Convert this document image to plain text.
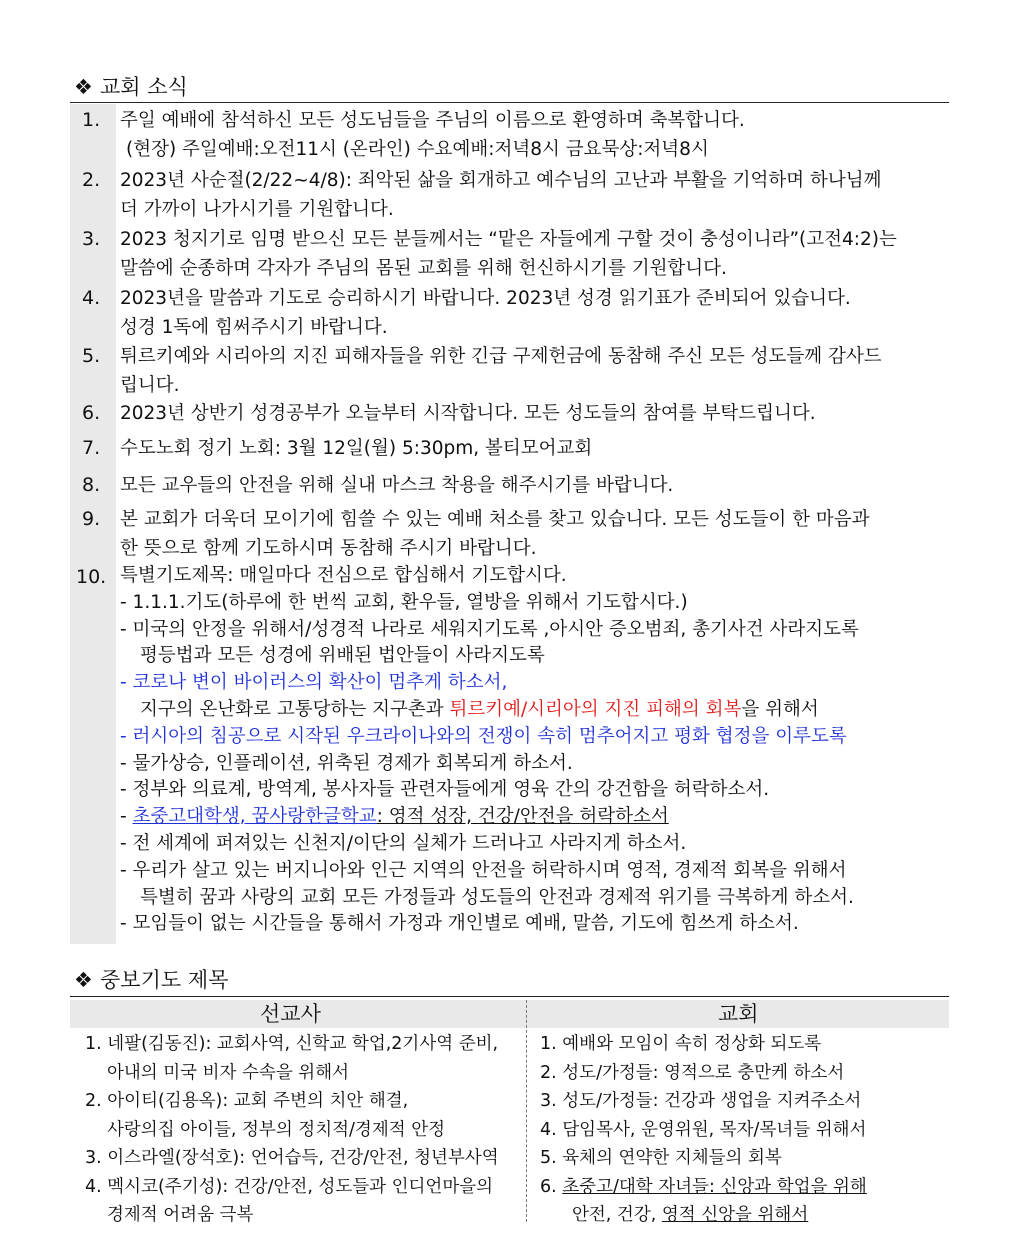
❖ 교회 소식
1. 주일 예배에 참석하신 모든 성도님들을 주님의 이름으로 환영하며 축복합니다.
(현장) 주일예배:오전11시 (온라인) 수요예배:저녁8시 금요묵상:저녁8시
2. 2023년 사순절(2/22~4/8): 죄악된 삶을 회개하고 예수님의 고난과 부활을 기억하며 하나님께
더 가까이 나가시기를 기원합니다.
3. 2023 청지기로 임명 받으신 모든 분들께서는 “맡은 자들에게 구할 것이 충성이니라”(고전4:2)는
말씀에 순종하며 각자가 주님의 몸된 교회를 위해 헌신하시기를 기원합니다.
4. 2023년을 말씀과 기도로 승리하시기 바랍니다. 2023년 성경 읽기표가 준비되어 있습니다.
성경 1독에 힘써주시기 바랍니다.
5. 튀르키예와 시리아의 지진 피해자들을 위한 긴급 구제헌금에 동참해 주신 모든 성도들께 감사드
립니다.
6. 2023년 상반기 성경공부가 오늘부터 시작합니다. 모든 성도들의 참여를 부탁드립니다.
7. 수도노회 정기 노회: 3월 12일(월) 5:30pm, 볼티모어교회
8. 모든 교우들의 안전을 위해 실내 마스크 착용을 해주시기를 바랍니다.
9. 본 교회가 더욱더 모이기에 힘쓸 수 있는 예배 처소를 찾고 있습니다. 모든 성도들이 한 마음과
한 뜻으로 함께 기도하시며 동참해 주시기 바랍니다.
10. 특별기도제목: 매일마다 전심으로 합심해서 기도합시다.
- 1.1.1.기도(하루에 한 번씩 교회, 환우들, 열방을 위해서 기도합시다.)
- 미국의 안정을 위해서/성경적 나라로 세워지기도록 ,아시안 증오범죄, 총기사건 사라지도록
평등법과 모든 성경에 위배된 법안들이 사라지도록
- 코로나 변이 바이러스의 확산이 멈추게 하소서,
지구의 온난화로 고통당하는 지구촌과 튀르키예/시리아의 지진 피해의 회복을 위해서
- 러시아의 침공으로 시작된 우크라이나와의 전쟁이 속히 멈추어지고 평화 협정을 이루도록
- 물가상승, 인플레이션, 위축된 경제가 회복되게 하소서.
- 정부와 의료계, 방역계, 봉사자들 관련자들에게 영육 간의 강건함을 허락하소서.
- 초중고대학생, 꿈사랑한글학교: 영적 성장, 건강/안전을 허락하소서
- 전 세계에 퍼져있는 신천지/이단의 실체가 드러나고 사라지게 하소서.
- 우리가 살고 있는 버지니아와 인근 지역의 안전을 허락하시며 영적, 경제적 회복을 위해서
특별히 꿈과 사랑의 교회 모든 가정들과 성도들의 안전과 경제적 위기를 극복하게 하소서.
- 모임들이 없는 시간들을 통해서 가정과 개인별로 예배, 말씀, 기도에 힘쓰게 하소서.
❖ 중보기도 제목
선교사	교회
1. 네팔(김동진): 교회사역, 신학교 학업,2기사역 준비,
아내의 미국 비자 수속을 위해서
2. 아이티(김용옥): 교회 주변의 치안 해결,
사랑의집 아이들, 정부의 정치적/경제적 안정
3. 이스라엘(장석호): 언어습득, 건강/안전, 청년부사역
4. 멕시코(주기성): 건강/안전, 성도들과 인디언마을의
경제적 어려움 극복
1. 예배와 모임이 속히 정상화 되도록
2. 성도/가정들: 영적으로 충만케 하소서
3. 성도/가정들: 건강과 생업을 지켜주소서
4. 담임목사, 운영위원, 목자/목녀들 위해서
5. 육체의 연약한 지체들의 회복
6. 초중고/대학 자녀들: 신앙과 학업을 위해
안전, 건강, 영적 신앙을 위해서
